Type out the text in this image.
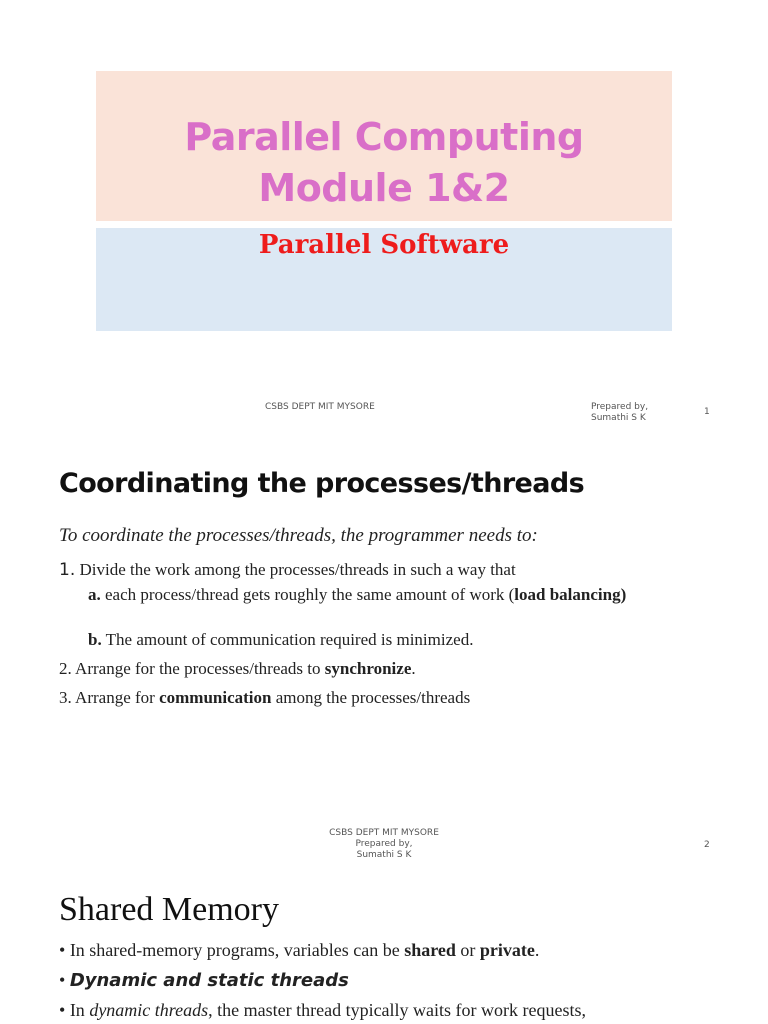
Parallel Computing
Module 1&2
Parallel Software
CSBS DEPT MIT MYSORE	Prepared by,
Sumathi S K
1
Coordinating the processes/threads
To coordinate the processes/threads, the programmer needs to:
1. Divide the work among the processes/threads in such a way that
a. each process/thread gets roughly the same amount of work (load balancing)
b. The amount of communication required is minimized.
2. Arrange for the processes/threads to synchronize.
3. Arrange for communication among the processes/threads
CSBS DEPT MIT MYSORE
Prepared by,
Sumathi S K
2
Shared Memory
• In shared-memory programs, variables can be shared or private.
• Dynamic and static threads
• In dynamic threads, the master thread typically waits for work requests,
